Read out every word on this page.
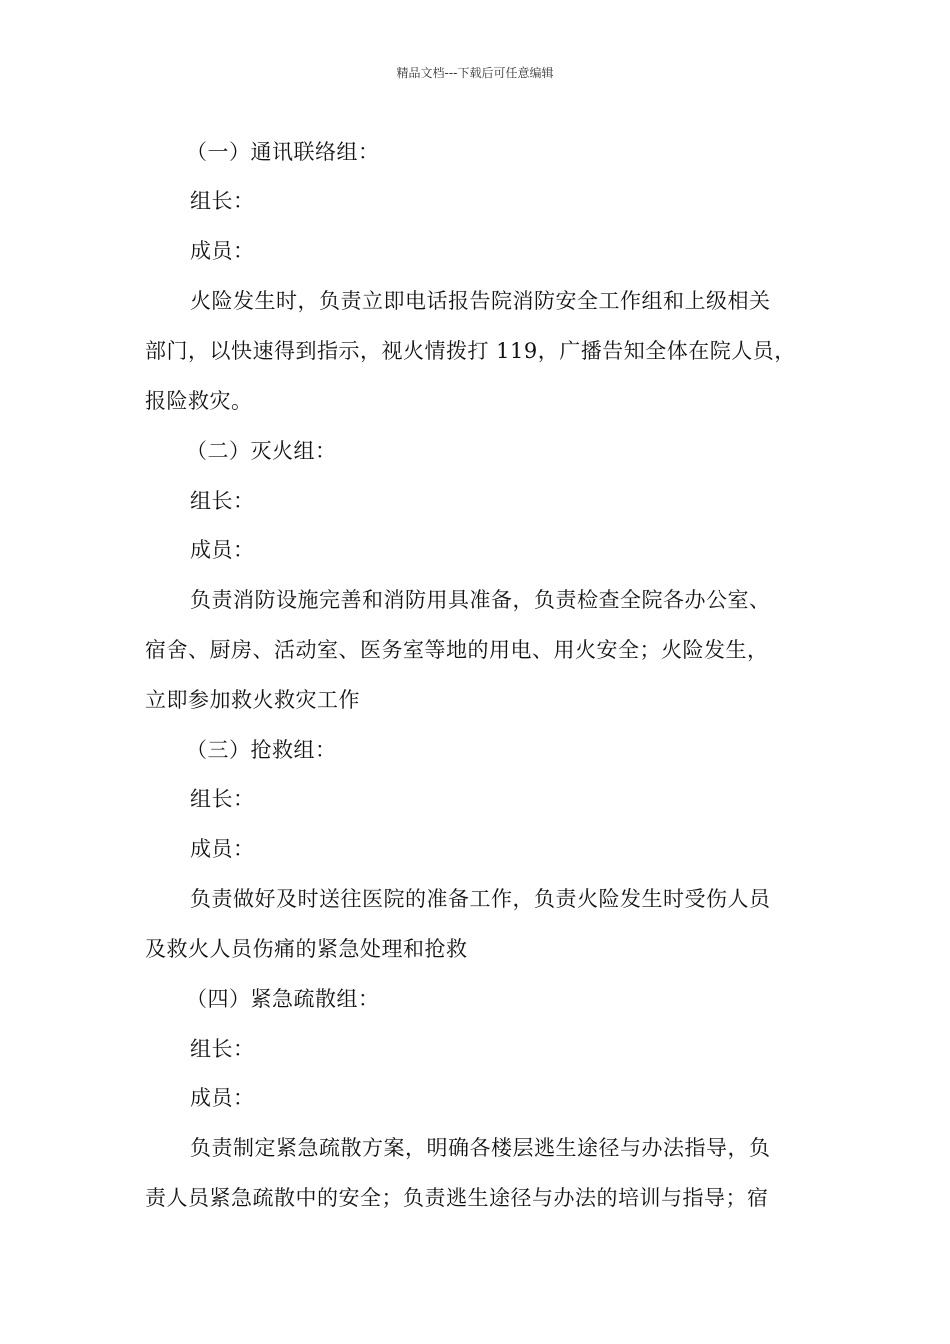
精品文档---下载后可任意编辑
（一）通讯联络组：
组长：
成员：
火险发生时，负责立即电话报告院消防安全工作组和上级相关
部门，以快速得到指示，视火情拨打 119，广播告知全体在院人员，
报险救灾。
（二）灭火组：
组长：
成员：
负责消防设施完善和消防用具准备，负责检查全院各办公室、
宿舍、厨房、活动室、医务室等地的用电、用火安全；火险发生，
立即参加救火救灾工作
（三）抢救组：
组长：
成员：
负责做好及时送往医院的准备工作，负责火险发生时受伤人员
及救火人员伤痛的紧急处理和抢救
（四）紧急疏散组：
组长：
成员：
负责制定紧急疏散方案，明确各楼层逃生途径与办法指导，负
责人员紧急疏散中的安全；负责逃生途径与办法的培训与指导；宿
